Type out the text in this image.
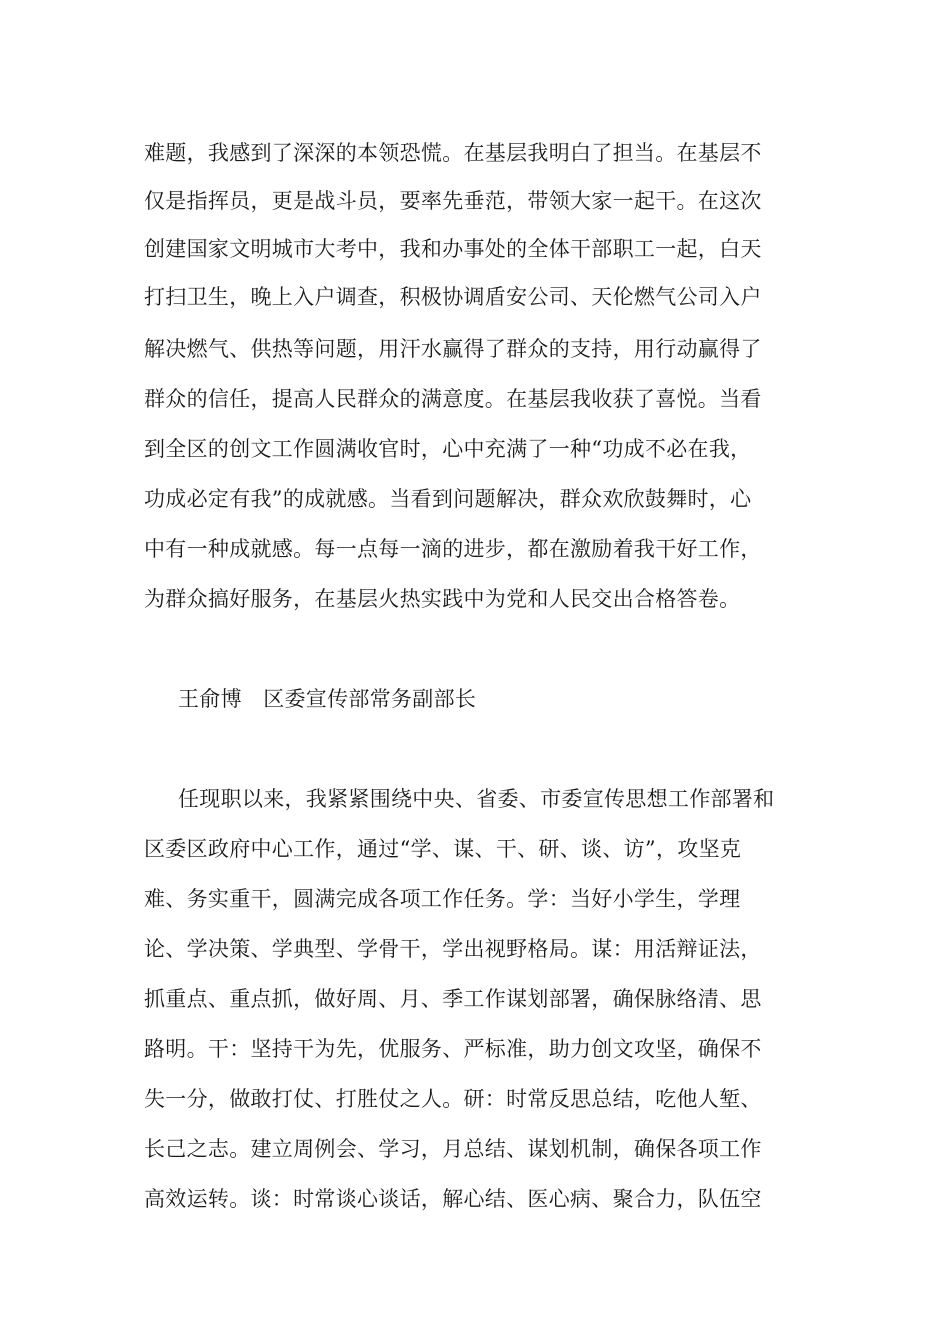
难题，我感到了深深的本领恐慌。在基层我明白了担当。在基层不

仅是指挥员，更是战斗员，要率先垂范，带领大家一起干。在这次

创建国家文明城市大考中，我和办事处的全体干部职工一起，白天

打扫卫生，晚上入户调查，积极协调盾安公司、天伦燃气公司入户

解决燃气、供热等问题，用汗水赢得了群众的支持，用行动赢得了

群众的信任，提高人民群众的满意度。在基层我收获了喜悦。当看

到全区的创文工作圆满收官时，心中充满了一种“功成不必在我，

功成必定有我”的成就感。当看到问题解决，群众欢欣鼓舞时，心

中有一种成就感。每一点每一滴的进步，都在激励着我干好工作，

为群众搞好服务，在基层火热实践中为党和人民交出合格答卷。

王俞博　区委宣传部常务副部长

任现职以来，我紧紧围绕中央、省委、市委宣传思想工作部署和

区委区政府中心工作，通过“学、谋、干、研、谈、访”，攻坚克

难、务实重干，圆满完成各项工作任务。学：当好小学生，学理

论、学决策、学典型、学骨干，学出视野格局。谋：用活辩证法，

抓重点、重点抓，做好周、月、季工作谋划部署，确保脉络清、思

路明。干：坚持干为先，优服务、严标准，助力创文攻坚，确保不

失一分，做敢打仗、打胜仗之人。研：时常反思总结，吃他人堑、

长己之志。建立周例会、学习，月总结、谋划机制，确保各项工作

高效运转。谈：时常谈心谈话，解心结、医心病、聚合力，队伍空
